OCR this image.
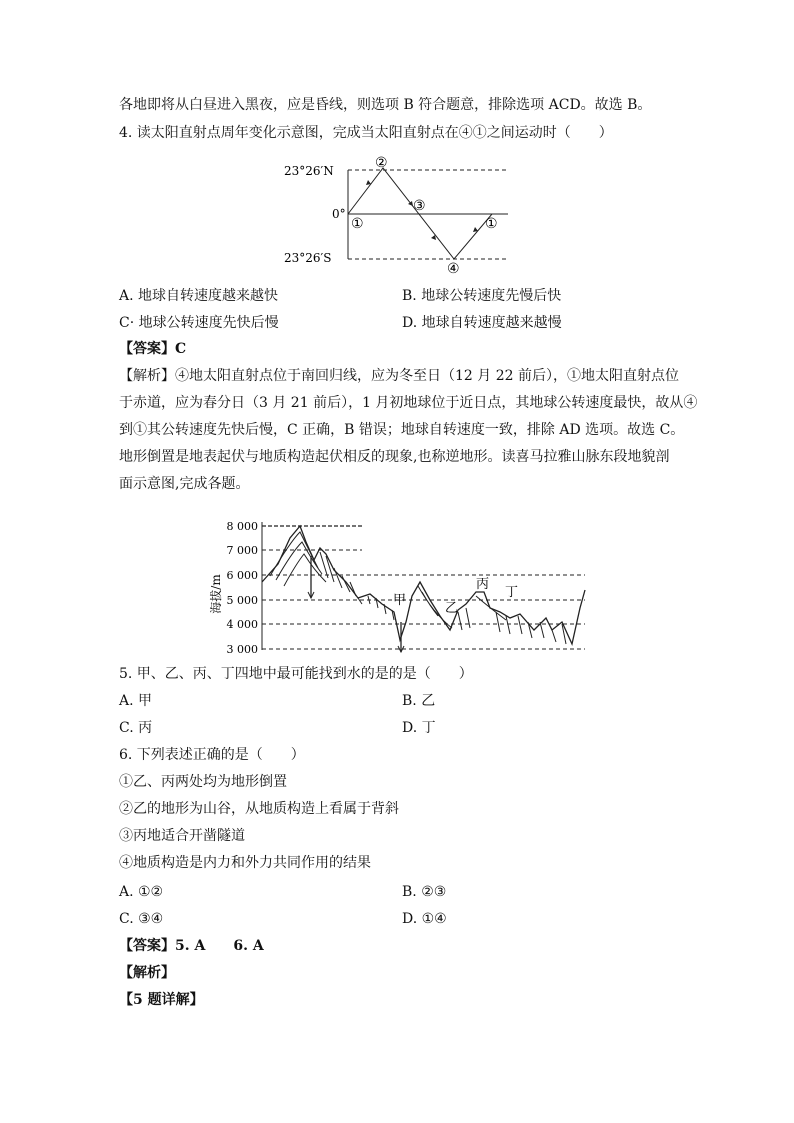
各地即将从白昼进入黑夜，应是昏线，则选项 B 符合题意，排除选项 ACD。故选 B。
4. 读太阳直射点周年变化示意图，完成当太阳直射点在④①之间运动时（　　）
23°26′N
0°
23°26′S
①
②
③
④
①
A. 地球自转速度越来越快	B. 地球公转速度先慢后快
C· 地球公转速度先快后慢	D. 地球自转速度越来越慢
【答案】C
【解析】④地太阳直射点位于南回归线，应为冬至日（12 月 22 前后），①地太阳直射点位
于赤道，应为春分日（3 月 21 前后），1 月初地球位于近日点，其地球公转速度最快，故从④
到①其公转速度先快后慢，C 正确，B 错误；地球自转速度一致，排除 AD 选项。故选 C。
地形倒置是地表起伏与地质构造起伏相反的现象,也称逆地形。读喜马拉雅山脉东段地貌剖
面示意图,完成各题。
海拔/m
8 000
7 000
6 000
5 000
4 000
3 000
甲
乙
丙
丁
5. 甲、乙、丙、丁四地中最可能找到水的是的是（　　）
A. 甲	B. 乙
C. 丙	D. 丁
6. 下列表述正确的是（　　）
①乙、丙两处均为地形倒置
②乙的地形为山谷，从地质构造上看属于背斜
③丙地适合开凿隧道
④地质构造是内力和外力共同作用的结果
A. ①②	B. ②③
C. ③④	D. ①④
【答案】5. A　　6. A
【解析】
【5 题详解】
